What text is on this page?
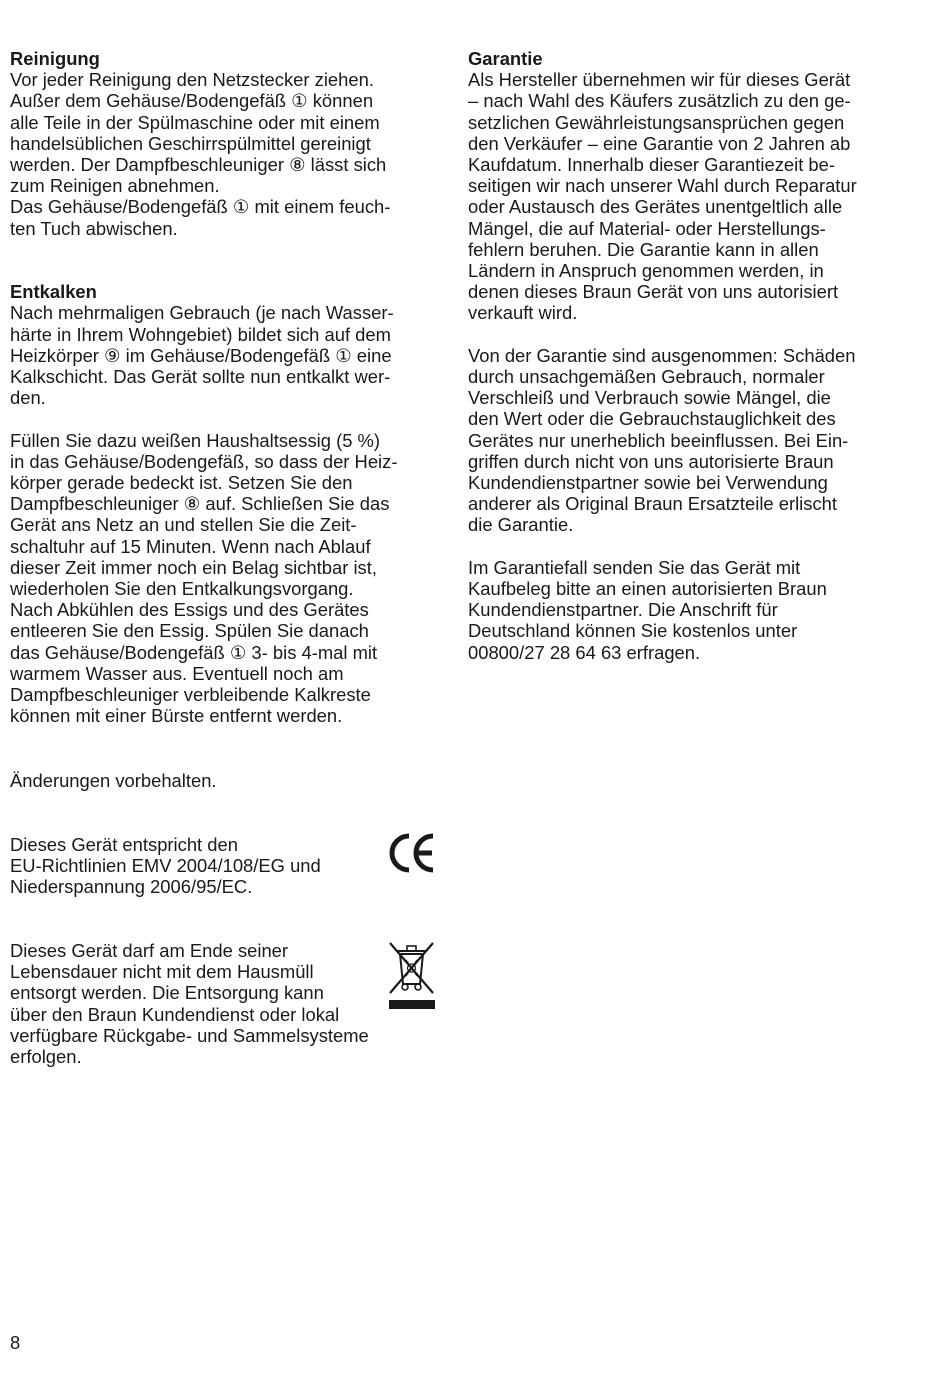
Reinigung

Vor jeder Reinigung den Netzstecker ziehen.
Außer dem Gehäuse/Bodengefäß ① können
alle Teile in der Spülmaschine oder mit einem
handelsüblichen Geschirrspülmittel gereinigt
werden. Der Dampfbeschleuniger ⑧ lässt sich
zum Reinigen abnehmen.
Das Gehäuse/Bodengefäß ① mit einem feuch-
ten Tuch abwischen.

Entkalken

Nach mehrmaligen Gebrauch (je nach Wasser-
härte in Ihrem Wohngebiet) bildet sich auf dem
Heizkörper ⑨ im Gehäuse/Bodengefäß ① eine
Kalkschicht. Das Gerät sollte nun entkalkt wer-
den.

Füllen Sie dazu weißen Haushaltsessig (5 %)
in das Gehäuse/Bodengefäß, so dass der Heiz-
körper gerade bedeckt ist. Setzen Sie den
Dampfbeschleuniger ⑧ auf. Schließen Sie das
Gerät ans Netz an und stellen Sie die Zeit-
schaltuhr auf 15 Minuten. Wenn nach Ablauf
dieser Zeit immer noch ein Belag sichtbar ist,
wiederholen Sie den Entkalkungsvorgang.
Nach Abkühlen des Essigs und des Gerätes
entleeren Sie den Essig. Spülen Sie danach
das Gehäuse/Bodengefäß ① 3- bis 4-mal mit
warmem Wasser aus. Eventuell noch am
Dampfbeschleuniger verbleibende Kalkreste
können mit einer Bürste entfernt werden.

Garantie

Als Hersteller übernehmen wir für dieses Gerät
– nach Wahl des Käufers zusätzlich zu den ge-
setzlichen Gewährleistungsansprüchen gegen
den Verkäufer – eine Garantie von 2 Jahren ab
Kaufdatum. Innerhalb dieser Garantiezeit be-
seitigen wir nach unserer Wahl durch Reparatur
oder Austausch des Gerätes unentgeltlich alle
Mängel, die auf Material- oder Herstellungs-
fehlern beruhen. Die Garantie kann in allen
Ländern in Anspruch genommen werden, in
denen dieses Braun Gerät von uns autorisiert
verkauft wird.

Von der Garantie sind ausgenommen: Schäden
durch unsachgemäßen Gebrauch, normaler
Verschleiß und Verbrauch sowie Mängel, die
den Wert oder die Gebrauchstauglichkeit des
Gerätes nur unerheblich beeinflussen. Bei Ein-
griffen durch nicht von uns autorisierte Braun
Kundendienstpartner sowie bei Verwendung
anderer als Original Braun Ersatzteile erlischt
die Garantie.

Im Garantiefall senden Sie das Gerät mit
Kaufbeleg bitte an einen autorisierten Braun
Kundendienstpartner. Die Anschrift für
Deutschland können Sie kostenlos unter
00800/27 28 64 63 erfragen.

Änderungen vorbehalten.
Dieses Gerät entspricht den
EU-Richtlinien EMV 2004/108/EG und
Niederspannung 2006/95/EC.
Dieses Gerät darf am Ende seiner
Lebensdauer nicht mit dem Hausmüll
entsorgt werden. Die Entsorgung kann
über den Braun Kundendienst oder lokal
verfügbare Rückgabe- und Sammelsysteme
erfolgen.
8
